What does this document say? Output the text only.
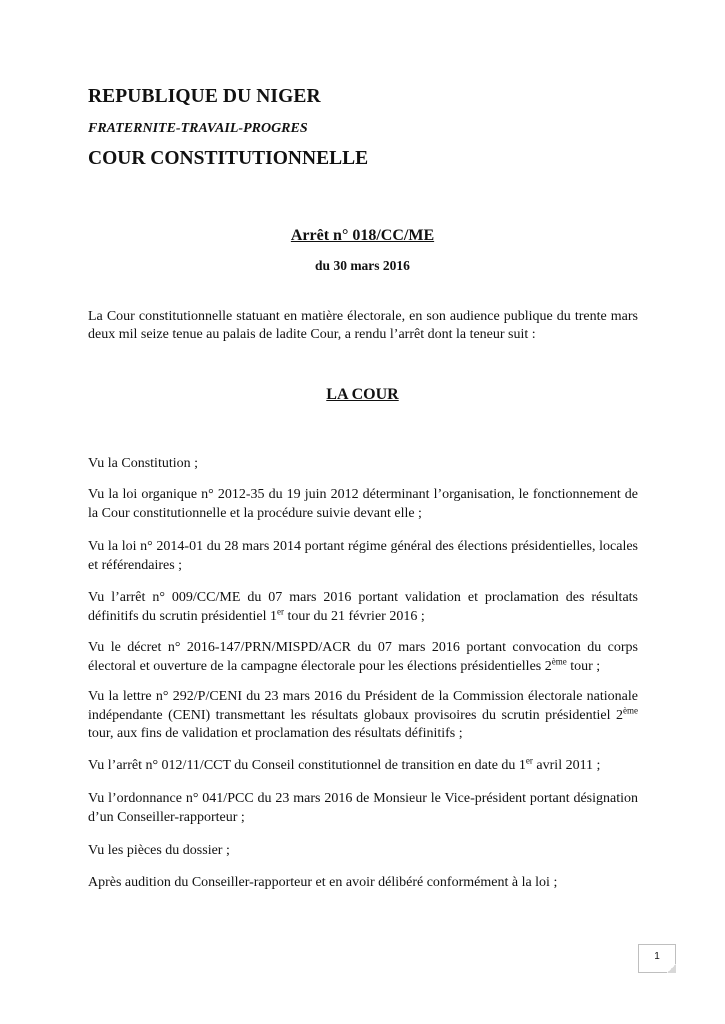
REPUBLIQUE DU NIGER
FRATERNITE-TRAVAIL-PROGRES
COUR CONSTITUTIONNELLE
Arrêt n° 018/CC/ME
du 30 mars 2016
La Cour constitutionnelle statuant en matière électorale, en son audience publique du trente mars deux mil seize tenue au palais de ladite Cour, a rendu l’arrêt dont la teneur suit :
LA COUR

Vu la Constitution ;

Vu la loi organique n° 2012-35 du 19 juin 2012 déterminant l’organisation, le fonctionnement de la Cour constitutionnelle et la procédure suivie devant elle ;

Vu la loi n° 2014-01 du 28 mars 2014 portant régime général des élections présidentielles, locales et référendaires ;

Vu l’arrêt n° 009/CC/ME du 07 mars 2016 portant validation et proclamation des résultats définitifs du scrutin présidentiel 1er tour du 21 février 2016 ;

Vu le décret n° 2016-147/PRN/MISPD/ACR du 07 mars 2016 portant convocation du corps électoral et ouverture de la campagne électorale pour les élections présidentielles 2ème tour ;

Vu la lettre n° 292/P/CENI du 23 mars 2016 du Président de la Commission électorale nationale indépendante (CENI) transmettant les résultats globaux provisoires du scrutin présidentiel 2ème tour, aux fins de validation et proclamation des résultats définitifs ;

Vu l’arrêt n° 012/11/CCT du Conseil constitutionnel de transition en date du 1er avril 2011 ;

Vu l’ordonnance n° 041/PCC du 23 mars 2016 de Monsieur le Vice-président portant désignation d’un Conseiller-rapporteur ;

Vu les pièces du dossier ;

Après audition du Conseiller-rapporteur et en avoir délibéré conformément à la loi ;

1
